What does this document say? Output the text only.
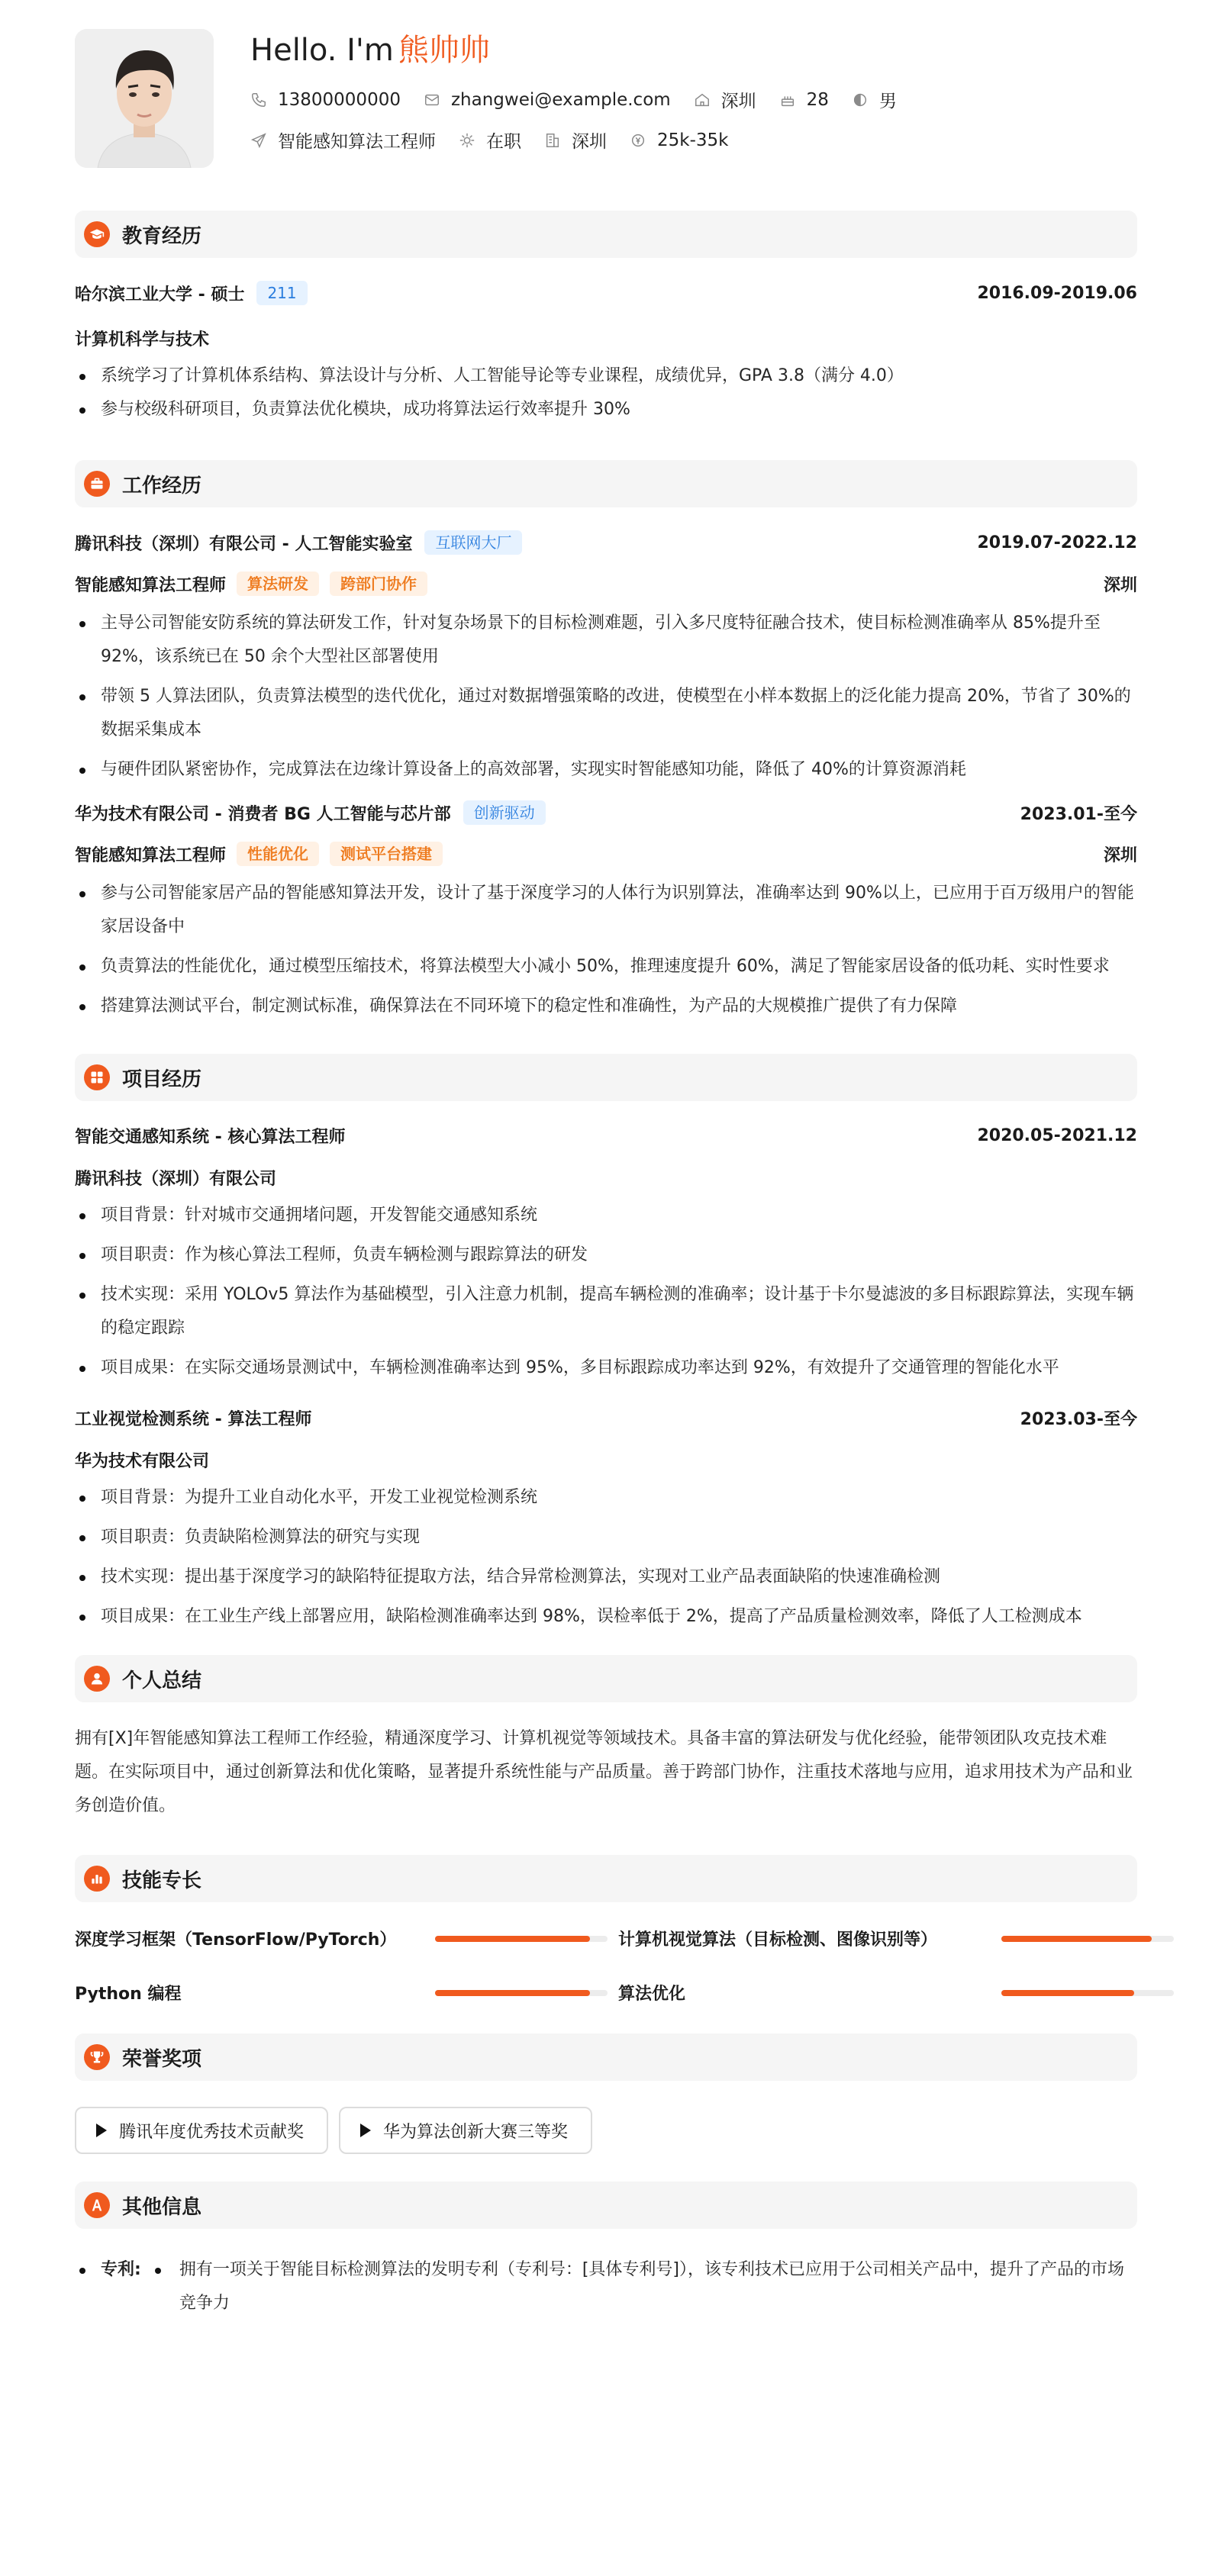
Hello. I'm 熊帅帅
13800000000	zhangwei@example.com	深圳	28	男
智能感知算法工程师	在职	深圳	25k-35k
教育经历
哈尔滨工业大学 - 硕士	211	2016.09-2019.06
计算机科学与技术
系统学习了计算机体系结构、算法设计与分析、人工智能导论等专业课程，成绩优异，GPA 3.8（满分 4.0）
参与校级科研项目，负责算法优化模块，成功将算法运行效率提升 30%
工作经历
腾讯科技（深圳）有限公司 - 人工智能实验室	互联网大厂	2019.07-2022.12
智能感知算法工程师	算法研发	跨部门协作	深圳
主导公司智能安防系统的算法研发工作，针对复杂场景下的目标检测难题，引入多尺度特征融合技术，使目标检测准确率从 85%提升至 92%，该系统已在 50 余个大型社区部署使用
带领 5 人算法团队，负责算法模型的迭代优化，通过对数据增强策略的改进，使模型在小样本数据上的泛化能力提高 20%，节省了 30%的数据采集成本
与硬件团队紧密协作，完成算法在边缘计算设备上的高效部署，实现实时智能感知功能，降低了 40%的计算资源消耗
华为技术有限公司 - 消费者 BG 人工智能与芯片部	创新驱动	2023.01-至今
智能感知算法工程师	性能优化	测试平台搭建	深圳
参与公司智能家居产品的智能感知算法开发，设计了基于深度学习的人体行为识别算法，准确率达到 90%以上，已应用于百万级用户的智能家居设备中
负责算法的性能优化，通过模型压缩技术，将算法模型大小减小 50%，推理速度提升 60%，满足了智能家居设备的低功耗、实时性要求
搭建算法测试平台，制定测试标准，确保算法在不同环境下的稳定性和准确性，为产品的大规模推广提供了有力保障
项目经历
智能交通感知系统 - 核心算法工程师	2020.05-2021.12
腾讯科技（深圳）有限公司
项目背景：针对城市交通拥堵问题，开发智能交通感知系统
项目职责：作为核心算法工程师，负责车辆检测与跟踪算法的研发
技术实现：采用 YOLOv5 算法作为基础模型，引入注意力机制，提高车辆检测的准确率；设计基于卡尔曼滤波的多目标跟踪算法，实现车辆的稳定跟踪
项目成果：在实际交通场景测试中，车辆检测准确率达到 95%，多目标跟踪成功率达到 92%，有效提升了交通管理的智能化水平
工业视觉检测系统 - 算法工程师	2023.03-至今
华为技术有限公司
项目背景：为提升工业自动化水平，开发工业视觉检测系统
项目职责：负责缺陷检测算法的研究与实现
技术实现：提出基于深度学习的缺陷特征提取方法，结合异常检测算法，实现对工业产品表面缺陷的快速准确检测
项目成果：在工业生产线上部署应用，缺陷检测准确率达到 98%，误检率低于 2%，提高了产品质量检测效率，降低了人工检测成本
个人总结
拥有[X]年智能感知算法工程师工作经验，精通深度学习、计算机视觉等领域技术。具备丰富的算法研发与优化经验，能带领团队攻克技术难题。在实际项目中，通过创新算法和优化策略，显著提升系统性能与产品质量。善于跨部门协作，注重技术落地与应用，追求用技术为产品和业务创造价值。
技能专长
深度学习框架（TensorFlow/PyTorch）	计算机视觉算法（目标检测、图像识别等）
Python 编程	算法优化
荣誉奖项
腾讯年度优秀技术贡献奖	华为算法创新大赛三等奖
其他信息
专利:	拥有一项关于智能目标检测算法的发明专利（专利号：[具体专利号]），该专利技术已应用于公司相关产品中，提升了产品的市场竞争力
